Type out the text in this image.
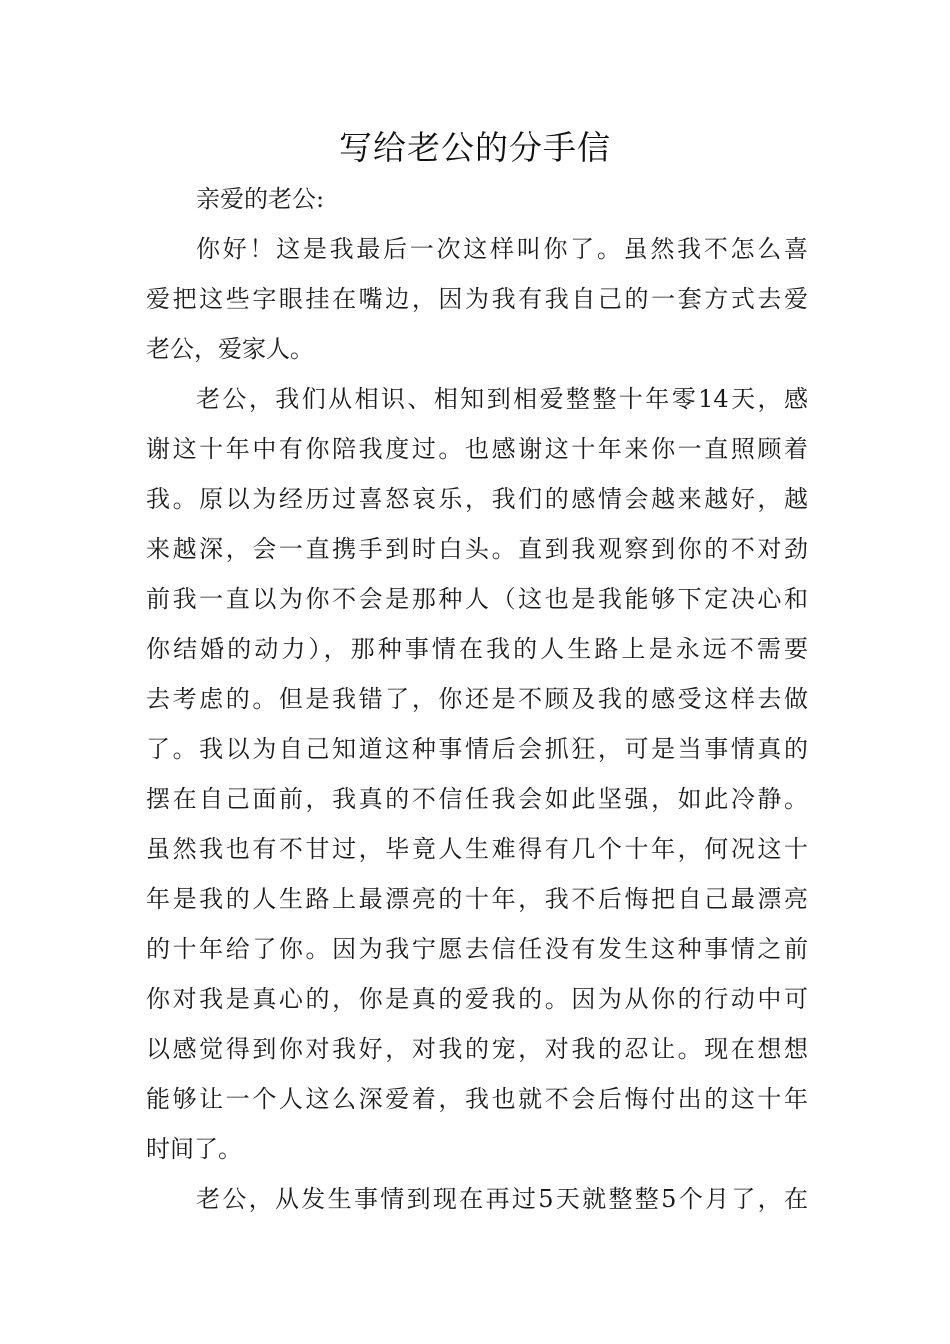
写给老公的分手信
亲爱的老公:
你好！这是我最后一次这样叫你了。虽然我不怎么喜
爱把这些字眼挂在嘴边，因为我有我自己的一套方式去爱
老公，爱家人。
老公，我们从相识、相知到相爱整整十年零14天，感
谢这十年中有你陪我度过。也感谢这十年来你一直照顾着
我。原以为经历过喜怒哀乐，我们的感情会越来越好，越
来越深，会一直携手到时白头。直到我观察到你的不对劲
前我一直以为你不会是那种人（这也是我能够下定决心和
你结婚的动力），那种事情在我的人生路上是永远不需要
去考虑的。但是我错了，你还是不顾及我的感受这样去做
了。我以为自己知道这种事情后会抓狂，可是当事情真的
摆在自己面前，我真的不信任我会如此坚强，如此冷静。
虽然我也有不甘过，毕竟人生难得有几个十年，何况这十
年是我的人生路上最漂亮的十年，我不后悔把自己最漂亮
的十年给了你。因为我宁愿去信任没有发生这种事情之前
你对我是真心的，你是真的爱我的。因为从你的行动中可
以感觉得到你对我好，对我的宠，对我的忍让。现在想想
能够让一个人这么深爱着，我也就不会后悔付出的这十年
时间了。
老公，从发生事情到现在再过5天就整整5个月了，在
